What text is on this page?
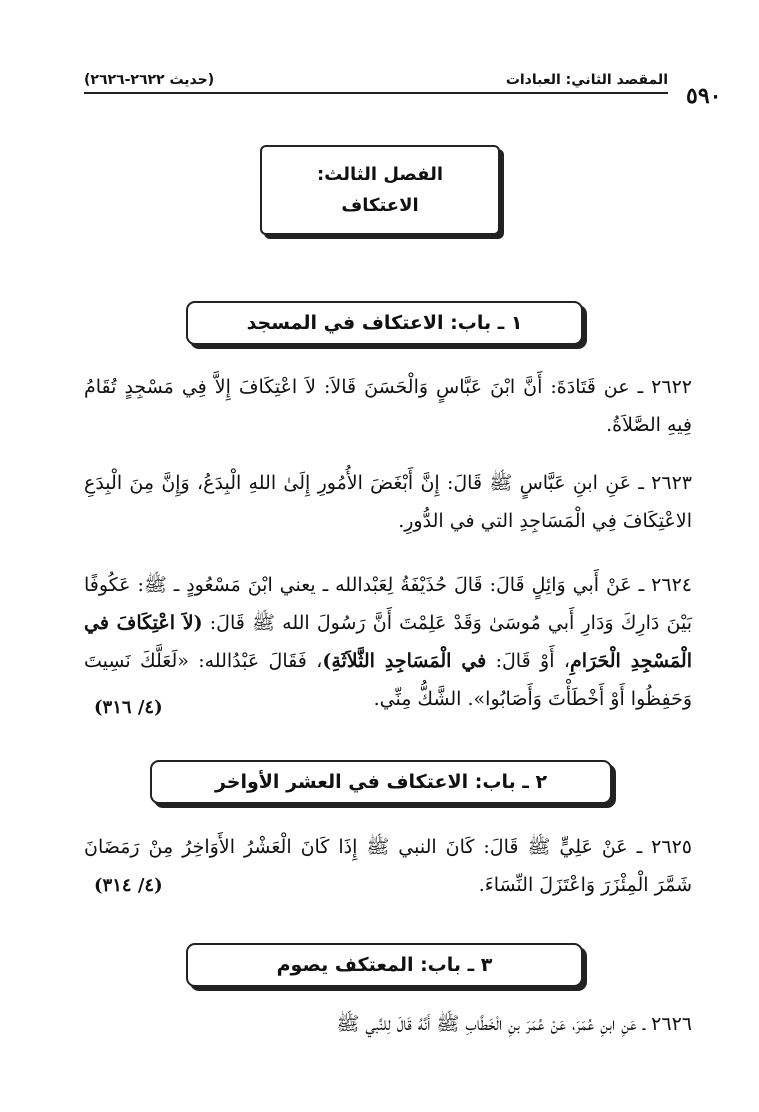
المقصد الثاني: العبادات
(حديث ٢٦٢٢-٢٦٢٦)
٥٩٠
الفصل الثالث:
الاعتكاف
١ ـ باب: الاعتكاف في المسجد
٢٦٢٢ ـ عن قَتَادَةَ: أَنَّ ابْنَ عَبَّاسٍ وَالْحَسَنَ قَالاَ: لاَ اعْتِكَافَ إِلاَّ فِي مَسْجِدٍ تُقَامُ فِيهِ الصَّلاَةُ.
٢٦٢٣ ـ عَنِ ابنِ عَبَّاسٍ ﷺ قَالَ: إِنَّ أَبْغَضَ الأُمُورِ إِلَىٰ اللهِ الْبِدَعُ، وَإِنَّ مِنَ الْبِدَعِ الاعْتِكَافَ فِي الْمَسَاجِدِ التي في الدُّورِ.
٢٦٢٤ ـ عَنْ أَبي وَائِلٍ قَالَ: قَالَ حُذَيْفَةُ لِعَبْدالله ـ يعني ابْنَ مَسْعُودٍ ـ ﷺ: عَكُوفًا بَيْنَ دَارِكَ وَدَارِ أَبي مُوسَىٰ وَقَدْ عَلِمْتَ أَنَّ رَسُولَ الله ﷺ قَالَ: (لاَ اعْتِكَافَ في الْمَسْجِدِ الْحَرَامِ، أَوْ قَالَ: في الْمَسَاجِدِ الثَّلاَثَةِ)، فَقَالَ عَبْدُالله: «لَعَلَّكَ نَسِيتَ وَحَفِظُوا أَوْ أَخْطَأْتَ وَأَصَابُوا». الشَّكُّ مِنِّي.
(٤/ ٣١٦)
٢ ـ باب: الاعتكاف في العشر الأواخر
٢٦٢٥ ـ عَنْ عَلِيٍّ ﷺ قَالَ: كَانَ النبي ﷺ إِذَا كَانَ الْعَشْرُ الأَوَاخِرُ مِنْ رَمَضَانَ شَمَّرَ الْمِئْزَرَ وَاعْتَزَلَ النِّسَاءَ.
(٤/ ٣١٤)
٣ ـ باب: المعتكف يصوم
٢٦٢٦ ـ عَنِ ابنِ عُمَرَ، عَنْ عُمَرَ بنِ الْخَطَّابِ ﷺ أَنَّهُ قَالَ لِلنَّبي ﷺ
